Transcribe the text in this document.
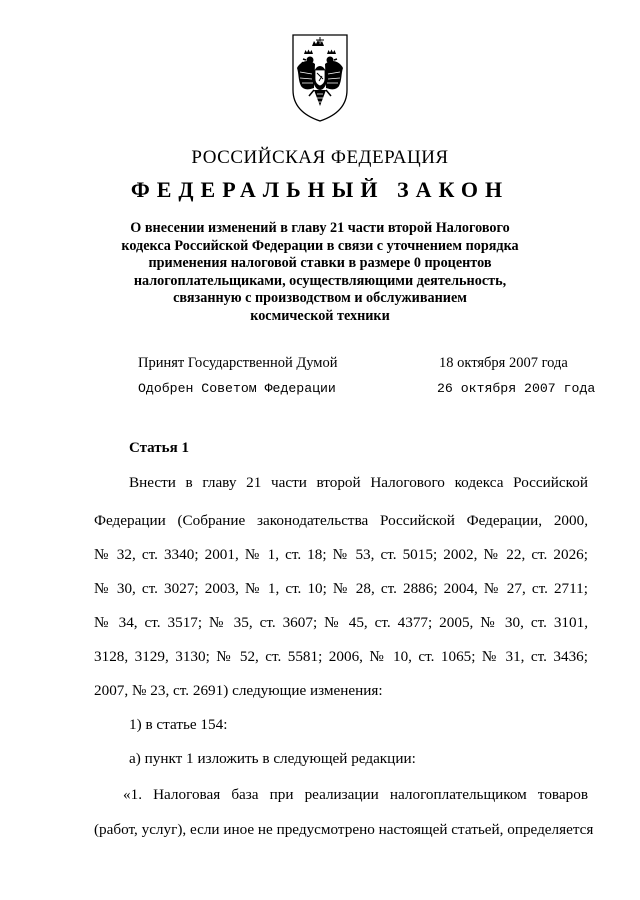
РОССИЙСКАЯ ФЕДЕРАЦИЯ
ФЕДЕРАЛЬНЫЙ ЗАКОН
О внесении изменений в главу 21 части второй Налогового
кодекса Российской Федерации в связи с уточнением порядка
применения налоговой ставки в размере 0 процентов
налогоплательщиками, осуществляющими деятельность,
связанную с производством и обслуживанием
космической техники
Принят Государственной Думой	18 октября 2007 года
Одобрен Советом Федерации	26 октября 2007 года
Статья 1
Внести в главу 21 части второй Налогового кодекса Российской
Федерации (Собрание законодательства Российской Федерации, 2000,
№ 32, ст. 3340; 2001, № 1, ст. 18; № 53, ст. 5015; 2002, № 22, ст. 2026;
№ 30, ст. 3027; 2003, № 1, ст. 10; № 28, ст. 2886; 2004, № 27, ст. 2711;
№ 34, ст. 3517; № 35, ст. 3607; № 45, ст. 4377; 2005, № 30, ст. 3101,
3128, 3129, 3130; № 52, ст. 5581; 2006, № 10, ст. 1065; № 31, ст. 3436;
2007, № 23, ст. 2691) следующие изменения:
1) в статье 154:
а) пункт 1 изложить в следующей редакции:
«1. Налоговая база при реализации налогоплательщиком товаров
(работ, услуг), если иное не предусмотрено настоящей статьей, определяется
